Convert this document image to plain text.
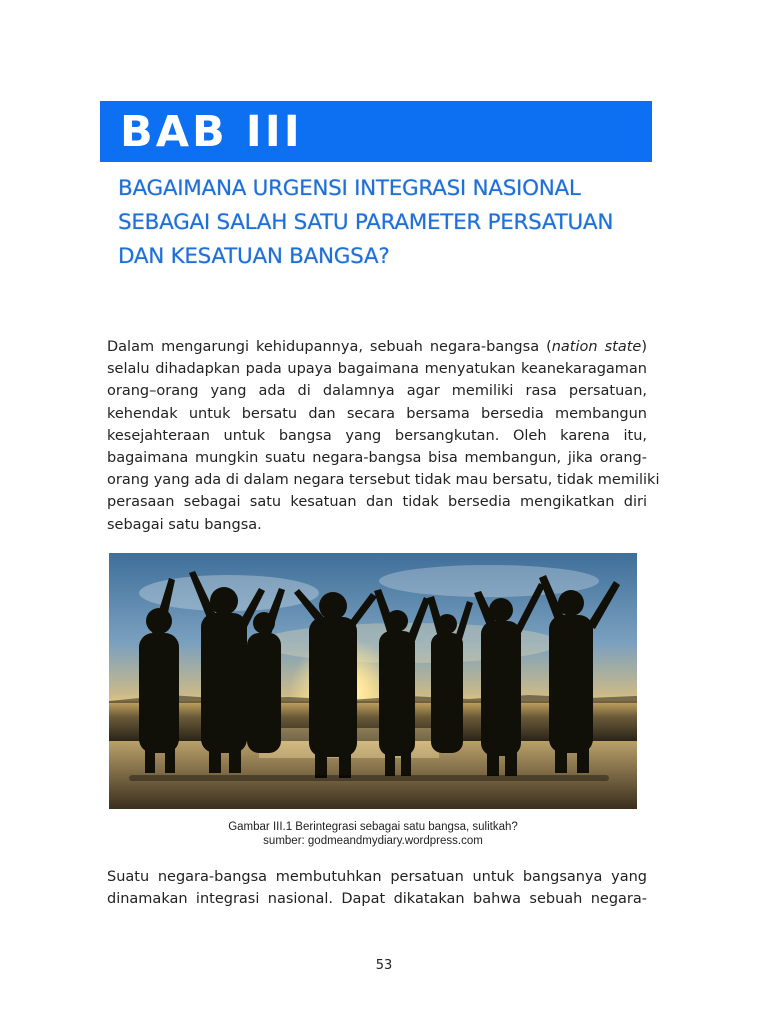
BAB III
BAGAIMANA URGENSI INTEGRASI NASIONAL
SEBAGAI SALAH SATU PARAMETER PERSATUAN
DAN KESATUAN BANGSA?
Dalam mengarungi kehidupannya, sebuah negara-bangsa (nation state)
selalu dihadapkan pada upaya bagaimana menyatukan keanekaragaman
orang–orang yang ada di dalamnya agar memiliki rasa persatuan,
kehendak untuk bersatu dan secara bersama bersedia membangun
kesejahteraan untuk bangsa yang bersangkutan. Oleh karena itu,
bagaimana mungkin suatu negara-bangsa bisa membangun, jika orang-
orang yang ada di dalam negara tersebut tidak mau bersatu, tidak memiliki
perasaan sebagai satu kesatuan dan tidak bersedia mengikatkan diri
sebagai satu bangsa.
Gambar III.1 Berintegrasi sebagai satu bangsa, sulitkah?
sumber: godmeandmydiary.wordpress.com
Suatu negara-bangsa membutuhkan persatuan untuk bangsanya yang
dinamakan integrasi nasional. Dapat dikatakan bahwa sebuah negara-
53
